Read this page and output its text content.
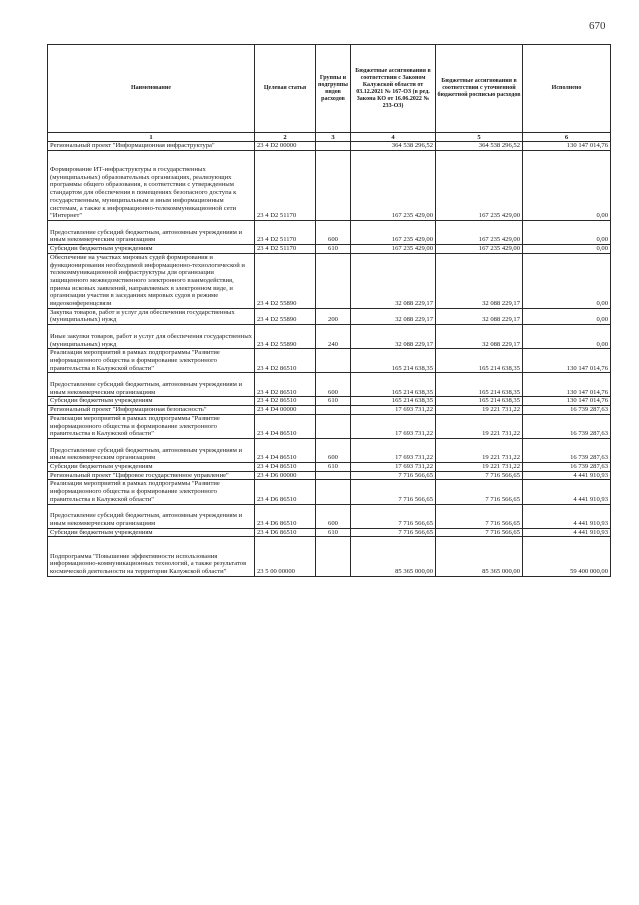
670
Наименование	Целевая статья	Группы и подгруппы видов расходов	Бюджетные ассигнования в соответствии с Законом Калужской области от 03.12.2021 № 167-ОЗ (в ред. Закона КО от 16.06.2022 № 233-ОЗ)	Бюджетные ассигнования в соответствии с уточненной бюджетной росписью расходов	Исполнено
1	2	3	4	5	6
Региональный проект "Информационная инфраструктура"	23 4 D2 00000		364 538 296,52	364 538 296,52	130 147 014,76

Формирование ИТ-инфраструктуры в государственных (муниципальных) образовательных организациях, реализующих программы общего образования, в соответствии с утвержденным стандартом для обеспечения в помещениях безопасного доступа к государственным, муниципальным и иным информационным системам, а также к информационно-телекоммуникационной сети "Интернет"	23 4 D2 51170		167 235 429,00	167 235 429,00	0,00

Предоставление субсидий бюджетным, автономным учреждениям и иным некоммерческим организациям	23 4 D2 51170	600	167 235 429,00	167 235 429,00	0,00
Субсидии бюджетным учреждениям	23 4 D2 51170	610	167 235 429,00	167 235 429,00	0,00
Обеспечение на участках мировых судей формирования и функционирования необходимой информационно-технологической и телекоммуникационной инфраструктуры для организации защищенного межведомственного электронного взаимодействия, приема исковых заявлений, направляемых в электронном виде, и организации участия в заседаниях мировых судов в режиме видеоконференцсвязи	23 4 D2 55890		32 088 229,17	32 088 229,17	0,00
Закупка товаров, работ и услуг для обеспечения государственных (муниципальных) нужд	23 4 D2 55890	200	32 088 229,17	32 088 229,17	0,00

Иные закупки товаров, работ и услуг для обеспечения государственных (муниципальных) нужд	23 4 D2 55890	240	32 088 229,17	32 088 229,17	0,00
Реализация мероприятий в рамках подпрограммы "Развитие информационного общества и формирование электронного правительства в Калужской области"	23 4 D2 86510		165 214 638,35	165 214 638,35	130 147 014,76

Предоставление субсидий бюджетным, автономным учреждениям и иным некоммерческим организациям	23 4 D2 86510	600	165 214 638,35	165 214 638,35	130 147 014,76
Субсидии бюджетным учреждениям	23 4 D2 86510	610	165 214 638,35	165 214 638,35	130 147 014,76
Региональный проект "Информационная безопасность"	23 4 D4 00000		17 693 731,22	19 221 731,22	16 739 287,63
Реализация мероприятий в рамках подпрограммы "Развитие информационного общества и формирование электронного правительства в Калужской области"	23 4 D4 86510		17 693 731,22	19 221 731,22	16 739 287,63

Предоставление субсидий бюджетным, автономным учреждениям и иным некоммерческим организациям	23 4 D4 86510	600	17 693 731,22	19 221 731,22	16 739 287,63
Субсидии бюджетным учреждениям	23 4 D4 86510	610	17 693 731,22	19 221 731,22	16 739 287,63
Региональный проект "Цифровое государственное управление"	23 4 D6 00000		7 716 566,65	7 716 566,65	4 441 910,93
Реализация мероприятий в рамках подпрограммы "Развитие информационного общества и формирование электронного правительства в Калужской области"	23 4 D6 86510		7 716 566,65	7 716 566,65	4 441 910,93

Предоставление субсидий бюджетным, автономным учреждениям и иным некоммерческим организациям	23 4 D6 86510	600	7 716 566,65	7 716 566,65	4 441 910,93
Субсидии бюджетным учреждениям	23 4 D6 86510	610	7 716 566,65	7 716 566,65	4 441 910,93

Подпрограмма "Повышение эффективности использования информационно-коммуникационных технологий, а также результатов космической деятельности на территории Калужской области"	23 5 00 00000		85 365 000,00	85 365 000,00	59 400 000,00
